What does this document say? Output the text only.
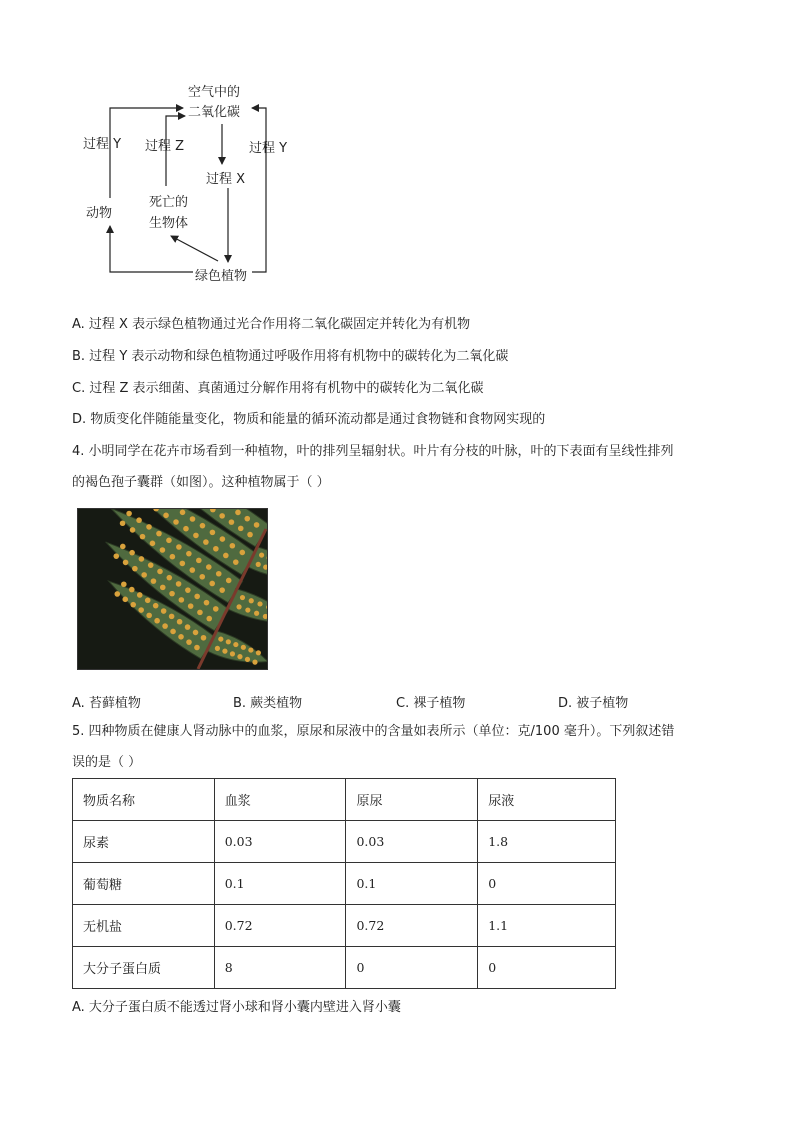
空气中的
二氧化碳
过程 Y 过程 Z	过程 Y
过程 X
死亡的
生物体
动物
绿色植物
A. 过程 X 表示绿色植物通过光合作用将二氧化碳固定并转化为有机物
B. 过程 Y 表示动物和绿色植物通过呼吸作用将有机物中的碳转化为二氧化碳
C. 过程 Z 表示细菌、真菌通过分解作用将有机物中的碳转化为二氧化碳
D. 物质变化伴随能量变化，物质和能量的循环流动都是通过食物链和食物网实现的
4. 小明同学在花卉市场看到一种植物，叶的排列呈辐射状。叶片有分枝的叶脉，叶的下表面有呈线性排列
的褐色孢子囊群（如图）。这种植物属于（ ）
A. 苔藓植物	B. 蕨类植物	C. 裸子植物	D. 被子植物
5. 四种物质在健康人肾动脉中的血浆，原尿和尿液中的含量如表所示（单位：克/100 毫升）。下列叙述错
误的是（ ）
物质名称	血浆	原尿	尿液
尿素	0.03	0.03	1.8
葡萄糖	0.1	0.1	0
无机盐	0.72	0.72	1.1
大分子蛋白质	8	0	0
A. 大分子蛋白质不能透过肾小球和肾小囊内壁进入肾小囊
